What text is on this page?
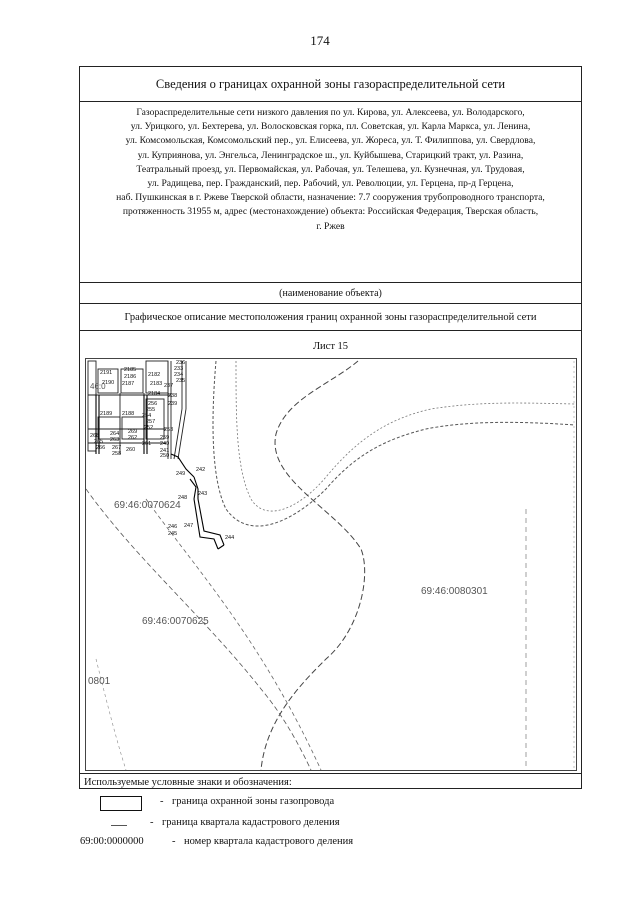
174
Сведения о границах охранной зоны газораспределительной сети
Газораспределительные сети низкого давления по ул. Кирова, ул. Алексеева, ул. Володарского,
ул. Урицкого, ул. Бехтерева, ул. Волосковская горка, пл. Советская, ул. Карла Маркса, ул. Ленина,
ул. Комсомольская, Комсомольский пер., ул. Елисеева, ул. Жореса, ул. Т. Филиппова, ул. Свердлова,
ул. Куприянова, ул. Энгельса, Ленинградское ш., ул. Куйбышева, Старицкий тракт, ул. Разина,
Театральный проезд, ул. Первомайская, ул. Рабочая, ул. Телешева, ул. Кузнечная, ул. Трудовая,
ул. Радищева, пер. Гражданский, пер. Рабочий, ул. Революции, ул. Герцена, пр-д Герцена,
наб. Пушкинская в г. Ржеве Тверской области, назначение: 7.7 сооружения трубопроводного транспорта,
протяженность 31955 м, адрес (местонахождение) объекта: Российская Федерация, Тверская область,
г. Ржев
(наименование объекта)
Графическое описание местоположения границ охранной зоны газораспределительной сети
Лист 15
2191 2185
2186
2187
2182
2183
2184
2188
2189
2190
236
233
234
235
237
238
239
256
255
254
257
253
252
262
264
263
265
266 267
268
269
260
258
261
259
240
241
242
243
244
245
246 247
248
249
250
69:46:0070624
69:46:0080301
69:46:0070625
0801
46:0
Используемые условные знаки и обозначения:
- граница охранной зоны газопровода
- граница квартала кадастрового деления
69:00:0000000	- номер квартала кадастрового деления
